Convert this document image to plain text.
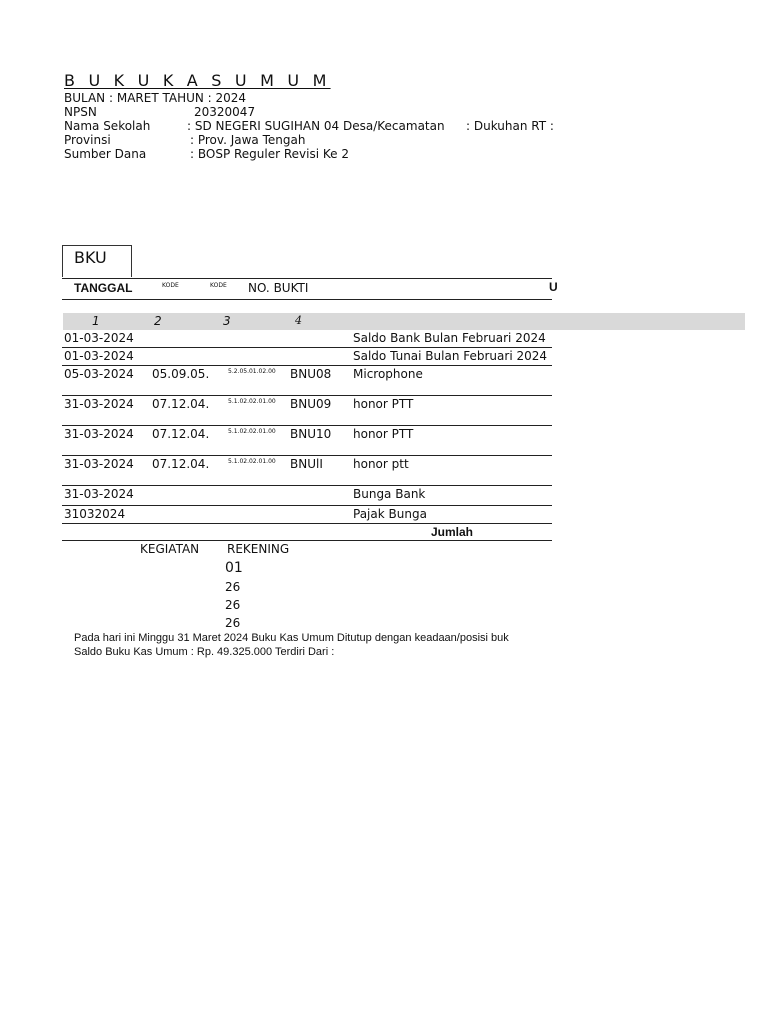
B U K U K A S U M U M
BULAN : MARET TAHUN : 2024
NPSN	20320047
Nama Sekolah	: SD NEGERI SUGIHAN 04 Desa/Kecamatan : Dukuhan RT :
Provinsi	: Prov. Jawa Tengah
Sumber Dana	: BOSP Reguler Revisi Ke 2
BKU
TANGGAL	KODE	KODE NO. BUKTI	U
1	2	3	4
01-03-2024	Saldo Bank Bulan Februari 2024
01-03-2024	Saldo Tunai Bulan Februari 2024
05-03-2024 05.09.05.	5.2.05.01.02.00 BNU08 Microphone
31-03-2024 07.12.04.	5.1.02.02.01.00 BNU09 honor PTT
31-03-2024 07.12.04.	5.1.02.02.01.00 BNU10 honor PTT
31-03-2024 07.12.04.	5.1.02.02.01.00 BNUlI	honor ptt
31-03-2024	Bunga Bank
31032024	Pajak Bunga
Jumlah
KEGIATAN REKENING
01
26
26
26
Pada hari ini Minggu 31 Maret 2024 Buku Kas Umum Ditutup dengan keadaan/posisi buk
Saldo Buku Kas Umum : Rp. 49.325.000 Terdiri Dari :
